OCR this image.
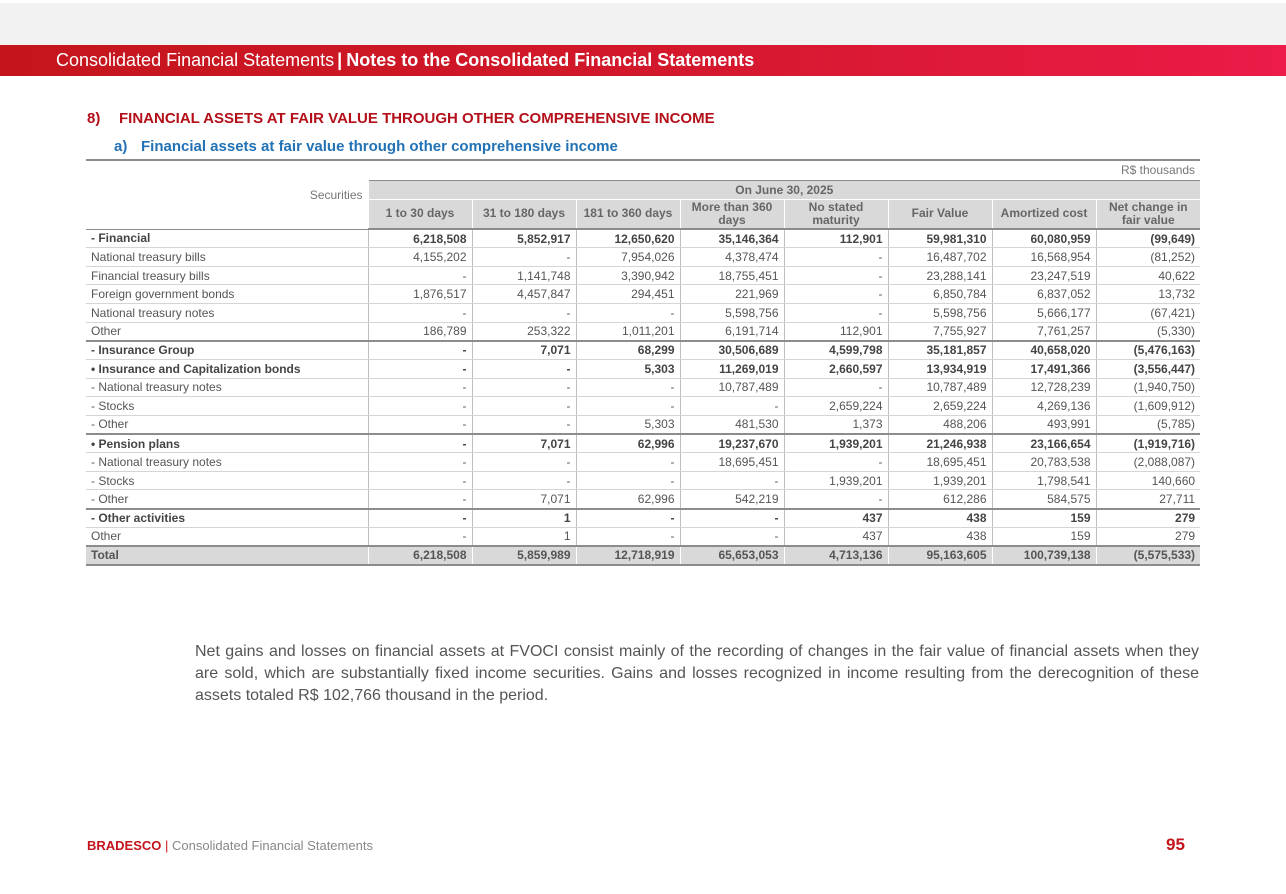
Consolidated Financial Statements | Notes to the Consolidated Financial Statements
8) FINANCIAL ASSETS AT FAIR VALUE THROUGH OTHER COMPREHENSIVE INCOME
a) Financial assets at fair value through other comprehensive income
Securities	R$ thousands							
	On June 30, 2025							
	1 to 30 days	31 to 180 days	181 to 360 days	More than 360 days	No stated maturity	Fair Value	Amortized cost	Net change in fair value
- Financial	6,218,508	5,852,917	12,650,620	35,146,364	112,901	59,981,310	60,080,959	(99,649)
National treasury bills	4,155,202	-	7,954,026	4,378,474	-	16,487,702	16,568,954	(81,252)
Financial treasury bills	-	1,141,748	3,390,942	18,755,451	-	23,288,141	23,247,519	40,622
Foreign government bonds	1,876,517	4,457,847	294,451	221,969	-	6,850,784	6,837,052	13,732
National treasury notes	-	-	-	5,598,756	-	5,598,756	5,666,177	(67,421)
Other	186,789	253,322	1,011,201	6,191,714	112,901	7,755,927	7,761,257	(5,330)
- Insurance Group	-	7,071	68,299	30,506,689	4,599,798	35,181,857	40,658,020	(5,476,163)
• Insurance and Capitalization bonds	-	-	5,303	11,269,019	2,660,597	13,934,919	17,491,366	(3,556,447)
- National treasury notes	-	-	-	10,787,489	-	10,787,489	12,728,239	(1,940,750)
- Stocks	-	-	-	-	2,659,224	2,659,224	4,269,136	(1,609,912)
- Other	-	-	5,303	481,530	1,373	488,206	493,991	(5,785)
• Pension plans	-	7,071	62,996	19,237,670	1,939,201	21,246,938	23,166,654	(1,919,716)
- National treasury notes	-	-	-	18,695,451	-	18,695,451	20,783,538	(2,088,087)
- Stocks	-	-	-	-	1,939,201	1,939,201	1,798,541	140,660
- Other	-	7,071	62,996	542,219	-	612,286	584,575	27,711
- Other activities	-	1	-	-	437	438	159	279
Other	-	1	-	-	437	438	159	279
Total	6,218,508	5,859,989	12,718,919	65,653,053	4,713,136	95,163,605	100,739,138	(5,575,533)

Net gains and losses on financial assets at FVOCI consist mainly of the recording of changes in the fair value of financial assets when they are sold, which are substantially fixed income securities. Gains and losses recognized in income resulting from the derecognition of these assets totaled R$ 102,766 thousand in the period.

BRADESCO | Consolidated Financial Statements	95
